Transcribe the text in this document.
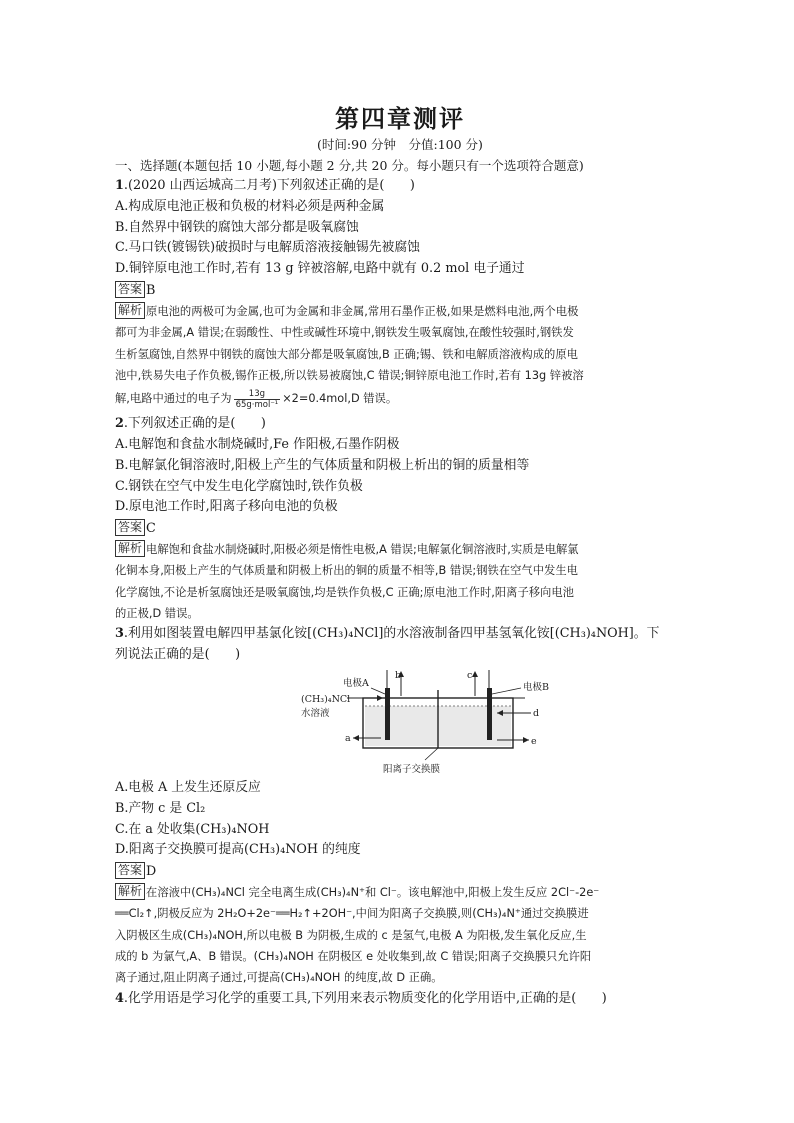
第四章测评
(时间:90 分钟　分值:100 分)
一、选择题(本题包括 10 小题,每小题 2 分,共 20 分。每小题只有一个选项符合题意)
1.(2020 山西运城高二月考)下列叙述正确的是(　　)
A.构成原电池正极和负极的材料必须是两种金属
B.自然界中钢铁的腐蚀大部分都是吸氧腐蚀
C.马口铁(镀锡铁)破损时与电解质溶液接触锡先被腐蚀
D.铜锌原电池工作时,若有 13 g 锌被溶解,电路中就有 0.2 mol 电子通过
答案 B
解析 原电池的两极可为金属,也可为金属和非金属,常用石墨作正极,如果是燃料电池,两个电极
都可为非金属,A 错误;在弱酸性、中性或碱性环境中,钢铁发生吸氧腐蚀,在酸性较强时,钢铁发
生析氢腐蚀,自然界中钢铁的腐蚀大部分都是吸氧腐蚀,B 正确;锡、铁和电解质溶液构成的原电
池中,铁易失电子作负极,锡作正极,所以铁易被腐蚀,C 错误;铜锌原电池工作时,若有 13g 锌被溶
解,电路中通过的电子为 $\frac{13g}{\text{65g·mol⁻¹}} \times 2=0.4mol,D$ 错误。
2.下列叙述正确的是(　　)
A.电解饱和食盐水制烧碱时,Fe 作阳极,石墨作阴极
B.电解氯化铜溶液时,阳极上产生的气体质量和阴极上析出的铜的质量相等
C.钢铁在空气中发生电化学腐蚀时,铁作负极
D.原电池工作时,阳离子移向电池的负极
答案 C
解析 电解饱和食盐水制烧碱时,阳极必须是惰性电极,A 错误;电解氯化铜溶液时,实质是电解氯
化铜本身,阳极上产生的气体质量和阴极上析出的铜的质量不相等,B 错误;钢铁在空气中发生电
化学腐蚀,不论是析氢腐蚀还是吸氧腐蚀,均是铁作负极,C 正确;原电池工作时,阳离子移向电池
的正极,D 错误。
3.利用如图装置电解四甲基氯化铵[(CH₃)₄NCl]的水溶液制备四甲基氢氧化铵[(CH₃)₄NOH]。下
列说法正确的是(　　)
电极A	电极B
(CH₃)₄NCl
水溶液
b	c
d
a	e
阳离子交换膜
A.电极 A 上发生还原反应
B.产物 c 是 Cl₂
C.在 a 处收集(CH₃)₄NOH
D.阳离子交换膜可提高(CH₃)₄NOH 的纯度
答案 D
解析 在溶液中(CH₃)₄NCl 完全电离生成(CH₃)₄N⁺和 Cl⁻。该电解池中,阳极上发生反应 2Cl⁻-2e⁻
══Cl₂↑,阴极反应为 2H₂O+2e⁻══H₂↑+2OH⁻,中间为阳离子交换膜,则(CH₃)₄N⁺通过交换膜进
入阴极区生成(CH₃)₄NOH,所以电极 B 为阴极,生成的 c 是氢气,电极 A 为阳极,发生氧化反应,生
成的 b 为氯气,A、B 错误。(CH₃)₄NOH 在阴极区 e 处收集到,故 C 错误;阳离子交换膜只允许阳
离子通过,阻止阴离子通过,可提高(CH₃)₄NOH 的纯度,故 D 正确。
4.化学用语是学习化学的重要工具,下列用来表示物质变化的化学用语中,正确的是(　　)
